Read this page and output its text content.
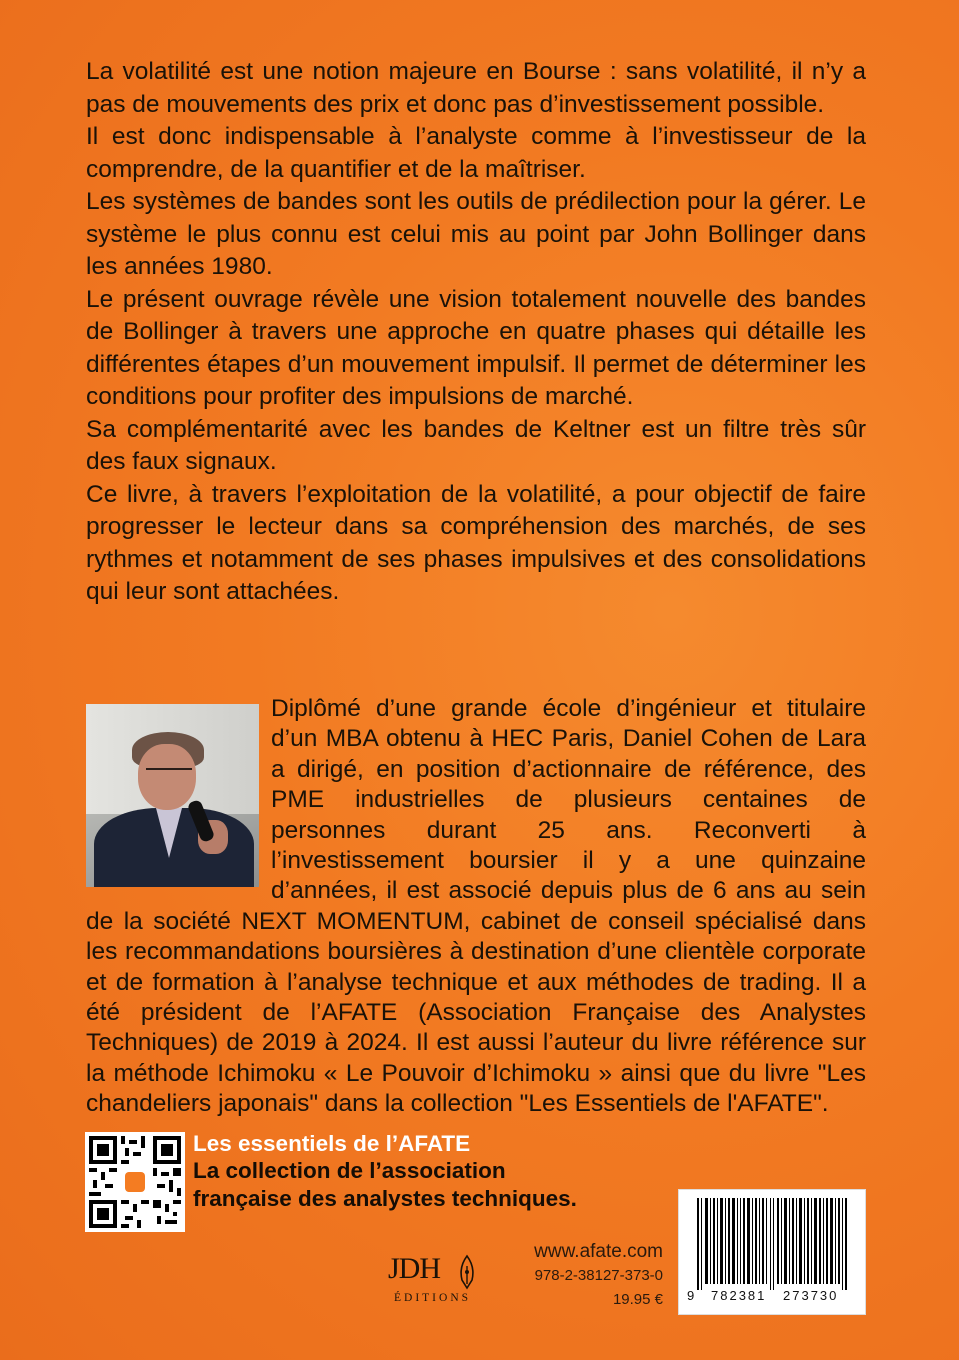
La volatilité est une notion majeure en Bourse : sans volatilité, il n’y a pas de mouvements des prix et donc pas d’investissement possible.

Il est donc indispensable à l’analyste comme à l’investisseur de la comprendre, de la quantifier et de la maîtriser.

Les systèmes de bandes sont les outils de prédilection pour la gérer. Le système le plus connu est celui mis au point par John Bollinger dans les années 1980.

Le présent ouvrage révèle une vision totalement nouvelle des bandes de Bollinger à travers une approche en quatre phases qui détaille les différentes étapes d’un mouvement impulsif. Il permet de déterminer les conditions pour profiter des impulsions de marché.

Sa complémentarité avec les bandes de Keltner est un filtre très sûr des faux signaux.

Ce livre, à travers l’exploitation de la volatilité, a pour objectif de faire progresser le lecteur dans sa compréhension des marchés, de ses rythmes et notamment de ses phases impulsives et des consolidations qui leur sont attachées.

Diplômé d’une grande école d’ingénieur et titulaire d’un MBA obtenu à HEC Paris, Daniel Cohen de Lara a dirigé, en position d’actionnaire de référence, des PME industrielles de plusieurs centaines de personnes durant 25 ans. Reconverti à l’investissement boursier il y a une quinzaine d’années, il est associé depuis plus de 6 ans au sein de la société NEXT MOMENTUM, cabinet de conseil spécialisé dans les recommandations boursières à destination d’une clientèle corporate et de formation à l’analyse technique et aux méthodes de trading. Il a été président de l’AFATE (Association Française des Analystes Techniques) de 2019 à 2024. Il est aussi l’auteur du livre référence sur la méthode Ichimoku « Le Pouvoir d’Ichimoku » ainsi que du livre "Les chandeliers japonais" dans la collection "Les Essentiels de l'AFATE".
Les essentiels de l’AFATE
La collection de l’association
française des analystes techniques.
JDH
ÉDITIONS
www.afate.com
978-2-38127-373-0
19.95 € 9 782381 273730
